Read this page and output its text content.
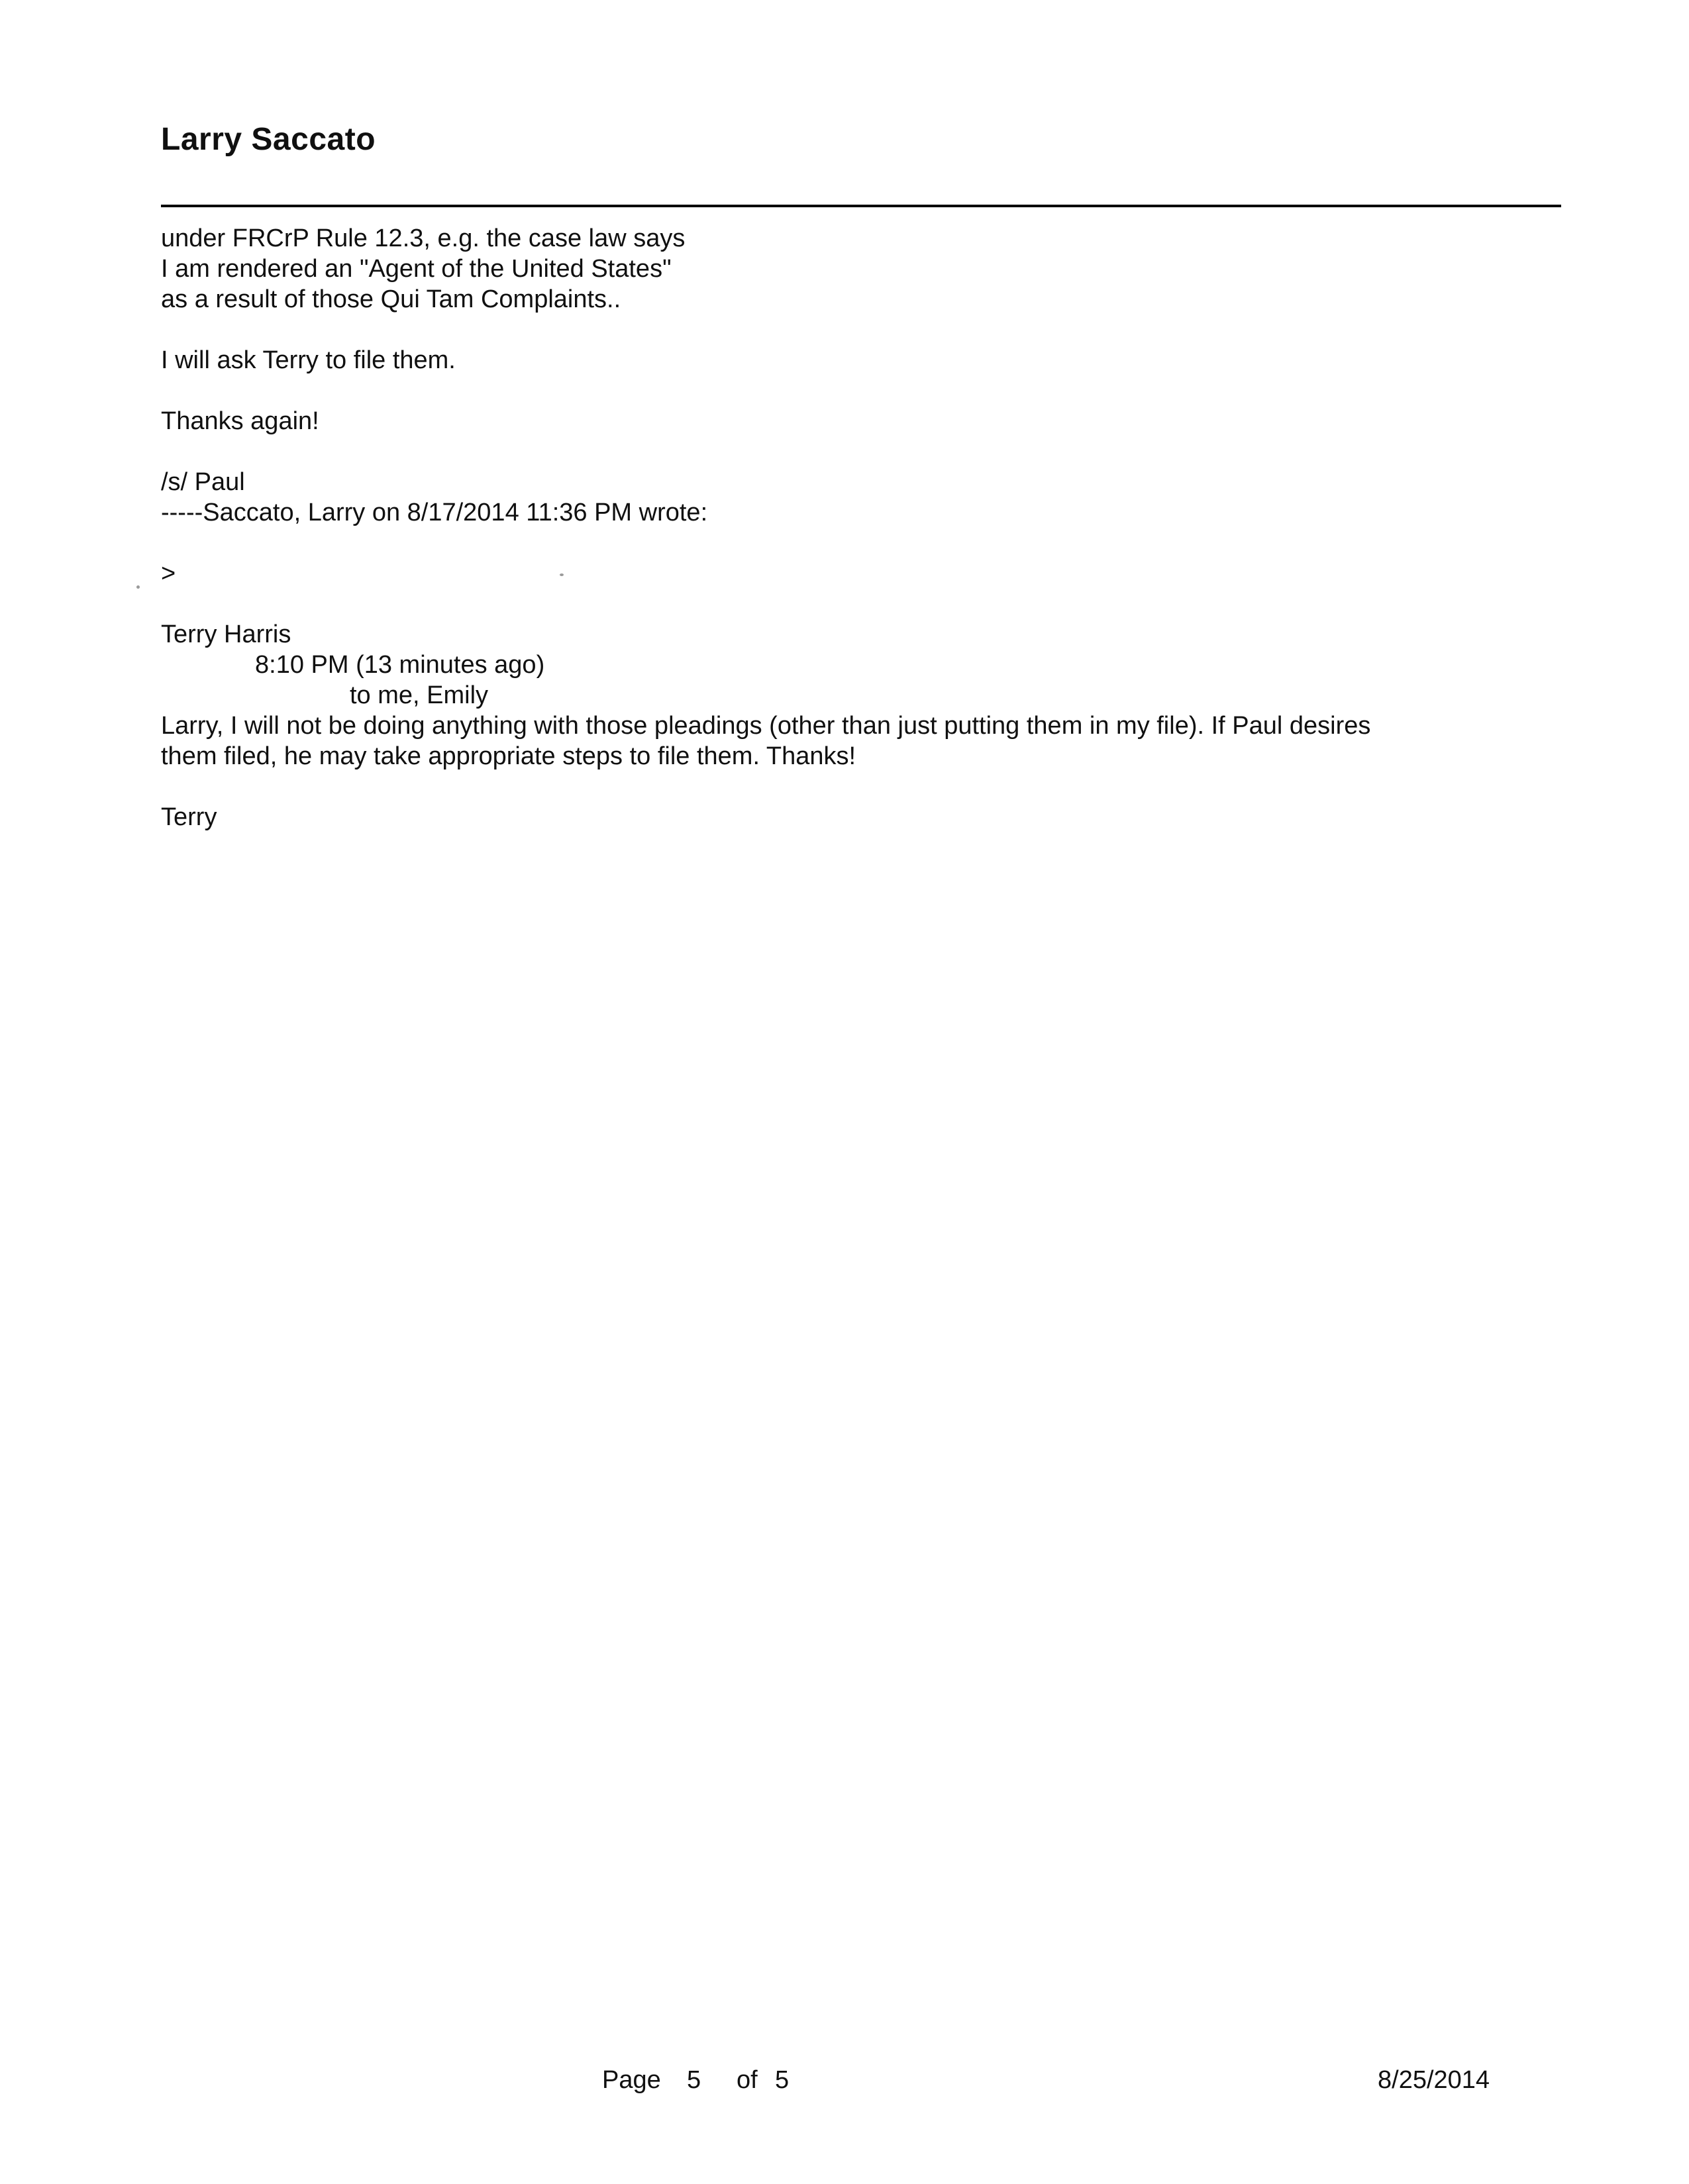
Larry Saccato
under FRCrP Rule 12.3, e.g. the case law says
I am rendered an "Agent of the United States"
as a result of those Qui Tam Complaints..
I will ask Terry to file them.
Thanks again!
/s/ Paul
-----Saccato, Larry on 8/17/2014 11:36 PM wrote:
>
Terry Harris
8:10 PM (13 minutes ago)
to me, Emily
Larry, I will not be doing anything with those pleadings (other than just putting them in my file). If Paul desires
them filed, he may take appropriate steps to file them. Thanks!
Terry
Page 5 of 5	8/25/2014
